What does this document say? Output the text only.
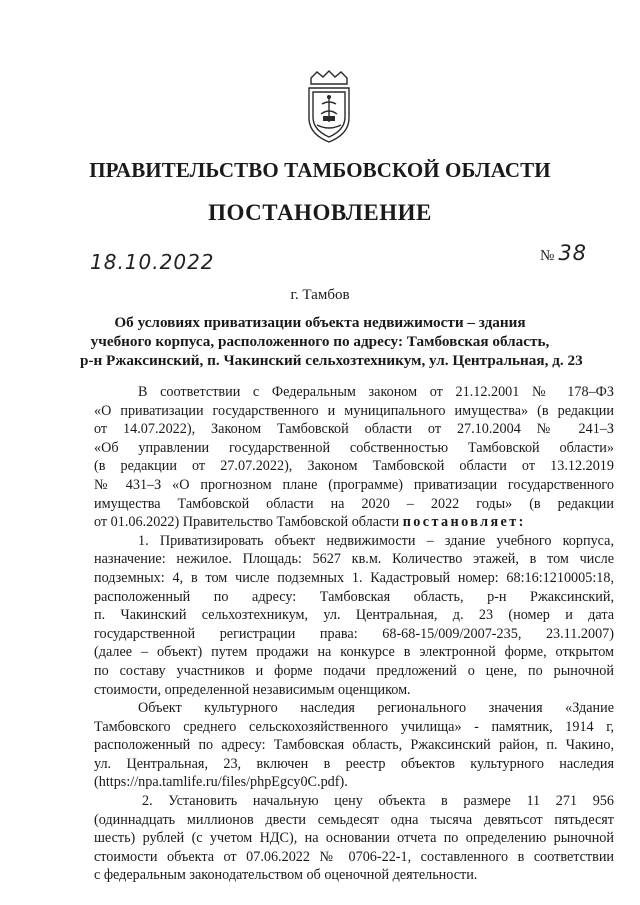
ПРАВИТЕЛЬСТВО ТАМБОВСКОЙ ОБЛАСТИ
ПОСТАНОВЛЕНИЕ
18.10.2022	№ 38
г. Тамбов
Об условиях приватизации объекта недвижимости – здания
учебного корпуса, расположенного по адресу: Тамбовская область,
р-н Ржаксинский, п. Чакинский сельхозтехникум, ул. Центральная, д. 23
В соответствии с Федеральным законом от 21.12.2001 № 178–ФЗ
«О приватизации государственного и муниципального имущества» (в редакции
от 14.07.2022), Законом Тамбовской области от 27.10.2004 № 241–З
«Об управлении государственной собственностью Тамбовской области»
(в редакции от 27.07.2022), Законом Тамбовской области от 13.12.2019
№ 431–З «О прогнозном плане (программе) приватизации государственного
имущества Тамбовской области на 2020 – 2022 годы» (в редакции
от 01.06.2022) Правительство Тамбовской области постановляет:
1. Приватизировать объект недвижимости – здание учебного корпуса,
назначение: нежилое. Площадь: 5627 кв.м. Количество этажей, в том числе
подземных: 4, в том числе подземных 1. Кадастровый номер: 68:16:1210005:18,
расположенный по адресу: Тамбовская область, р-н Ржаксинский,
п. Чакинский сельхозтехникум, ул. Центральная, д. 23 (номер и дата
государственной регистрации права: 68-68-15/009/2007-235, 23.11.2007)
(далее – объект) путем продажи на конкурсе в электронной форме, открытом
по составу участников и форме подачи предложений о цене, по рыночной
стоимости, определенной независимым оценщиком.
Объект культурного наследия регионального значения «Здание
Тамбовского среднего сельскохозяйственного училища» - памятник, 1914 г,
расположенный по адресу: Тамбовская область, Ржаксинский район, п. Чакино,
ул. Центральная, 23, включен в реестр объектов культурного наследия
(https://npa.tamlife.ru/files/phpEgcy0C.pdf).
2. Установить начальную цену объекта в размере 11 271 956
(одиннадцать миллионов двести семьдесят одна тысяча девятьсот пятьдесят
шесть) рублей (с учетом НДС), на основании отчета по определению рыночной
стоимости объекта от 07.06.2022 № 0706-22-1, составленного в соответствии
с федеральным законодательством об оценочной деятельности.
